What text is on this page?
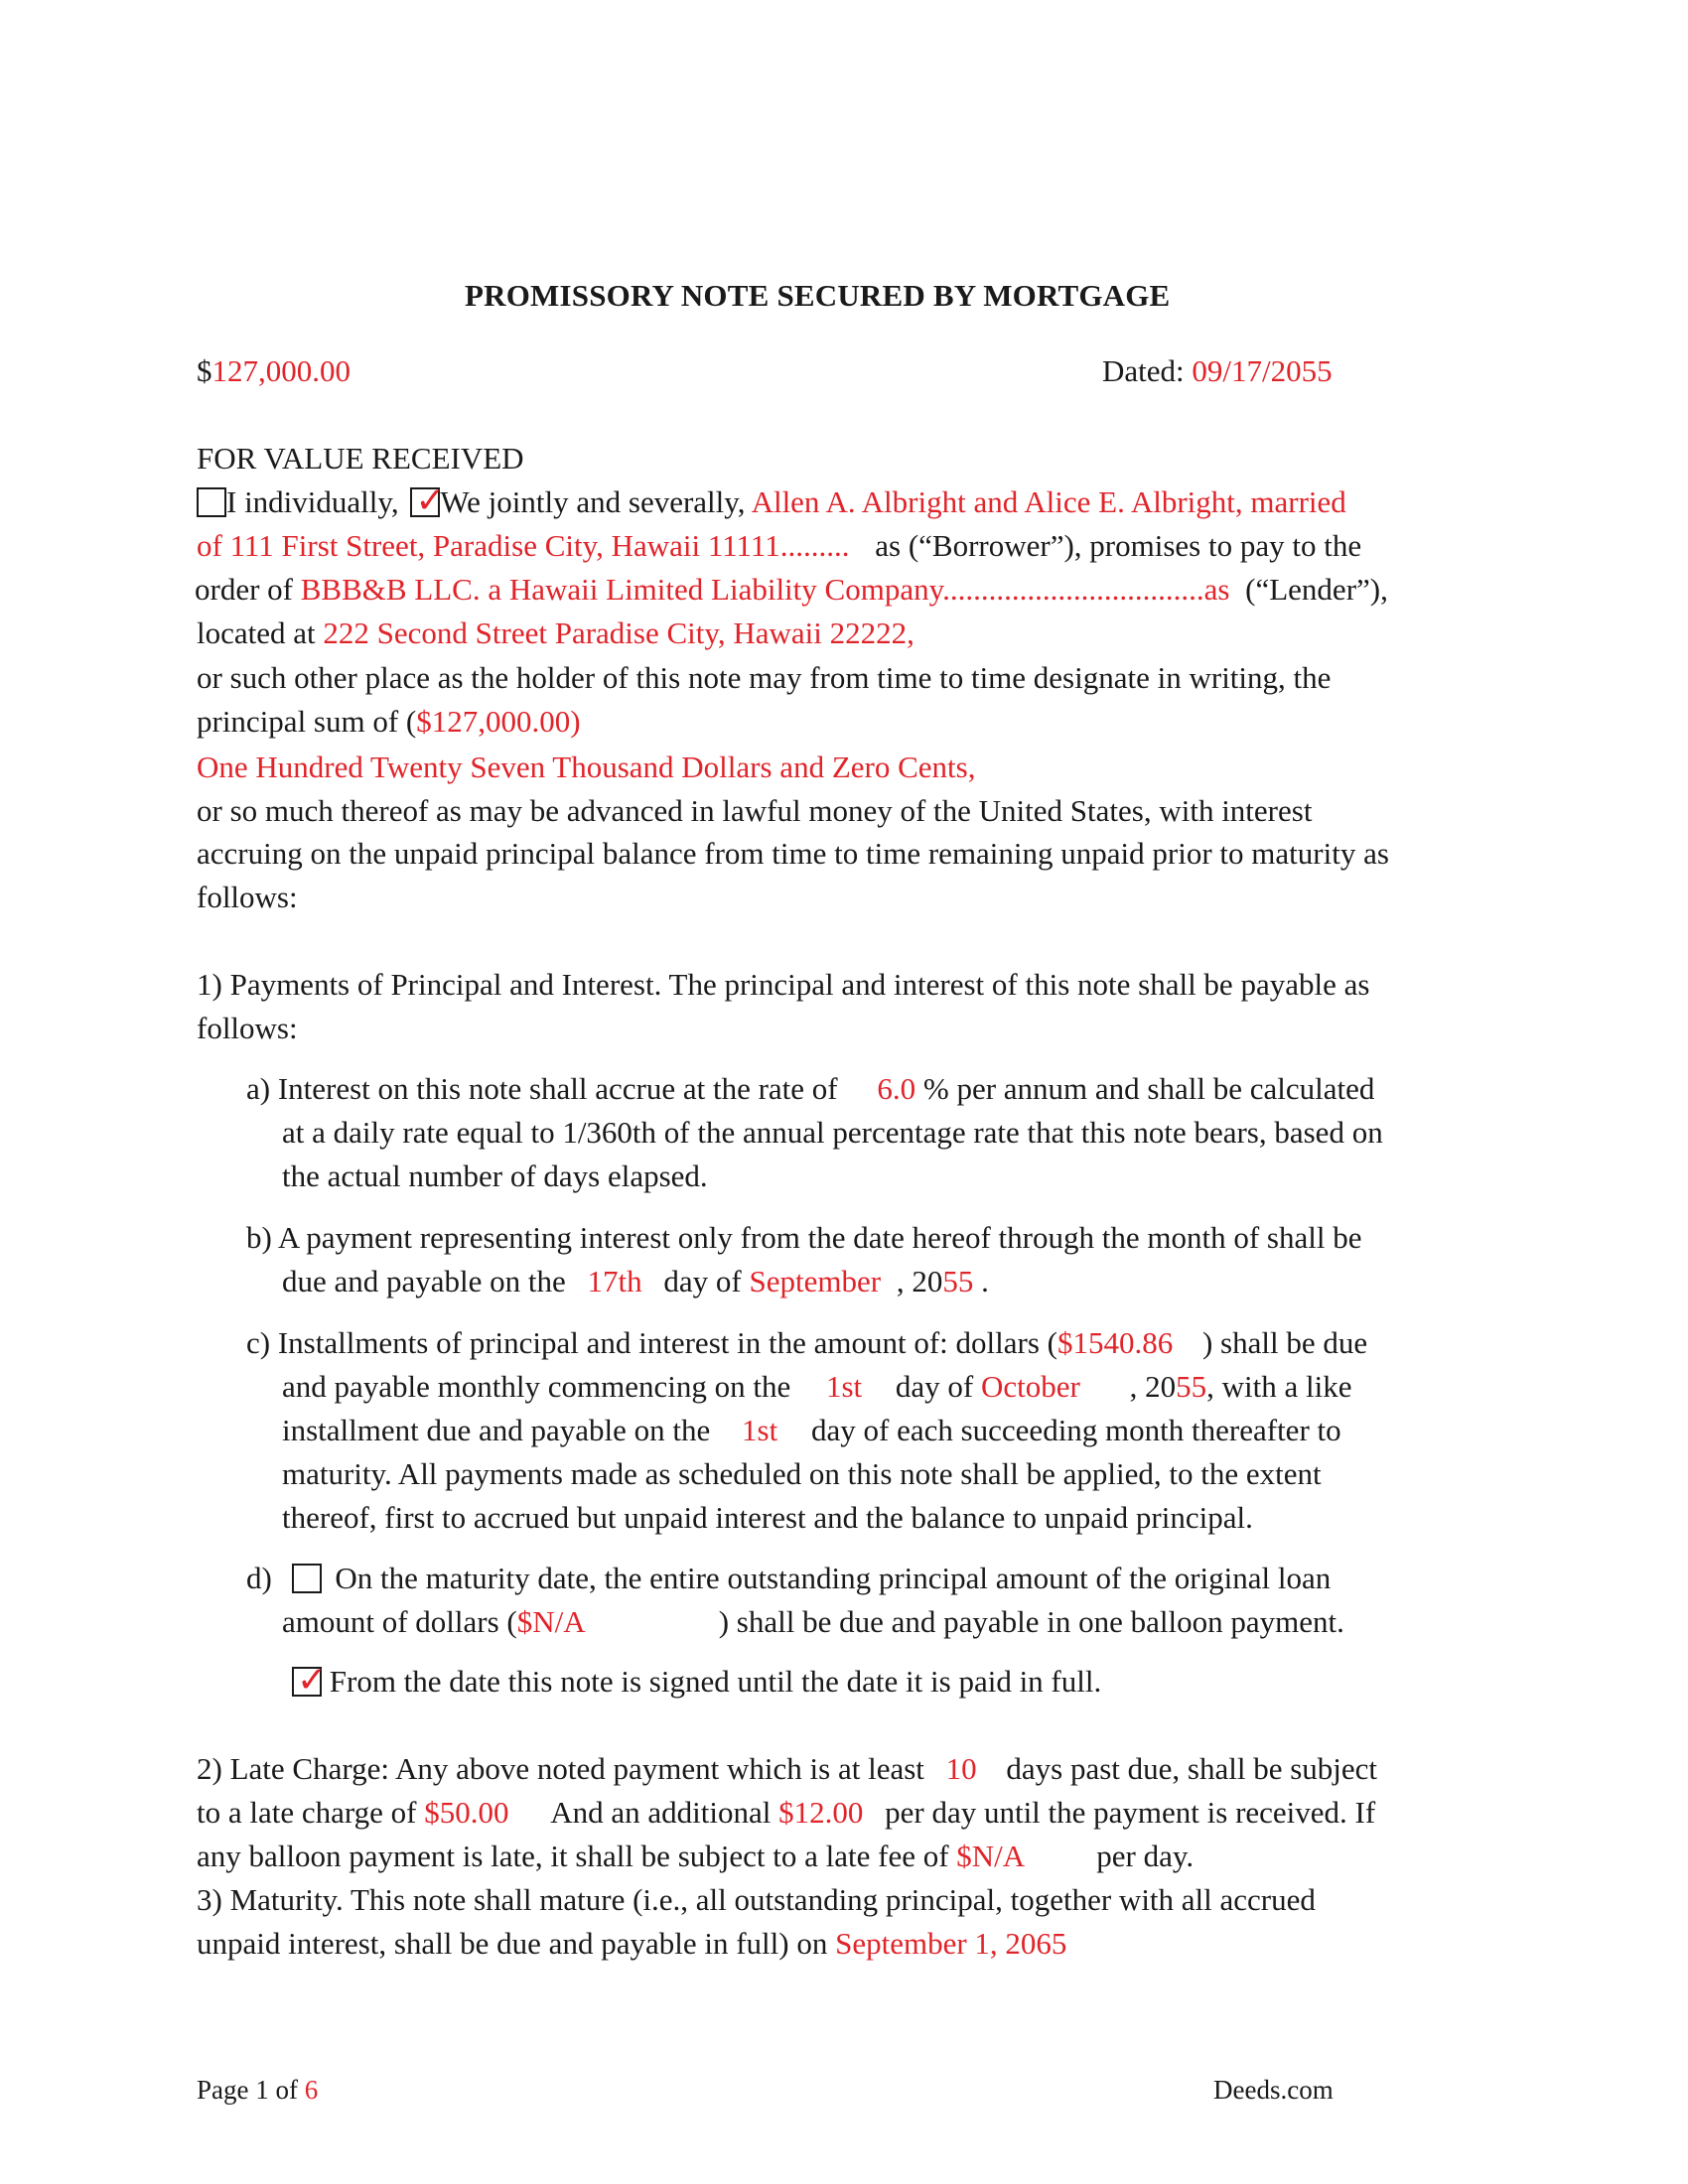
PROMISSORY NOTE SECURED BY MORTGAGE
$127,000.00	Dated: 09/17/2055
FOR VALUE RECEIVED
I individually, ✓
We jointly and severally, Allen A. Albright and Alice E. Albright, married
of 111 First Street, Paradise City, Hawaii 11111......... as (“Borrower”), promises to pay to the
order of BBB&B LLC. a Hawaii Limited Liability Company..................................as (“Lender”),
located at 222 Second Street Paradise City, Hawaii 22222,
or such other place as the holder of this note may from time to time designate in writing, the
principal sum of ($127,000.00)
One Hundred Twenty Seven Thousand Dollars and Zero Cents,
or so much thereof as may be advanced in lawful money of the United States, with interest
accruing on the unpaid principal balance from time to time remaining unpaid prior to maturity as
follows:
1) Payments of Principal and Interest. The principal and interest of this note shall be payable as
follows:
a) Interest on this note shall accrue at the rate of 6.0 % per annum and shall be calculated
at a daily rate equal to 1/360th of the annual percentage rate that this note bears, based on
the actual number of days elapsed.
b) A payment representing interest only from the date hereof through the month of shall be
due and payable on the 17th day of September , 2055 .
c) Installments of principal and interest in the amount of: dollars ($1540.86 ) shall be due
and payable monthly commencing on the 1st day of October , 2055, with a like
installment due and payable on the 1st day of each succeeding month thereafter to
maturity. All payments made as scheduled on this note shall be applied, to the extent
thereof, first to accrued but unpaid interest and the balance to unpaid principal.
d) On the maturity date, the entire outstanding principal amount of the original loan
amount of dollars ($N/A	) shall be due and payable in one balloon payment.
✓ From the date this note is signed until the date it is paid in full.
2) Late Charge: Any above noted payment which is at least 10 days past due, shall be subject
to a late charge of $50.00 And an additional $12.00 per day until the payment is received. If
any balloon payment is late, it shall be subject to a late fee of $N/A per day.
3) Maturity. This note shall mature (i.e., all outstanding principal, together with all accrued
unpaid interest, shall be due and payable in full) on September 1, 2065
Page 1 of 6	Deeds.com
